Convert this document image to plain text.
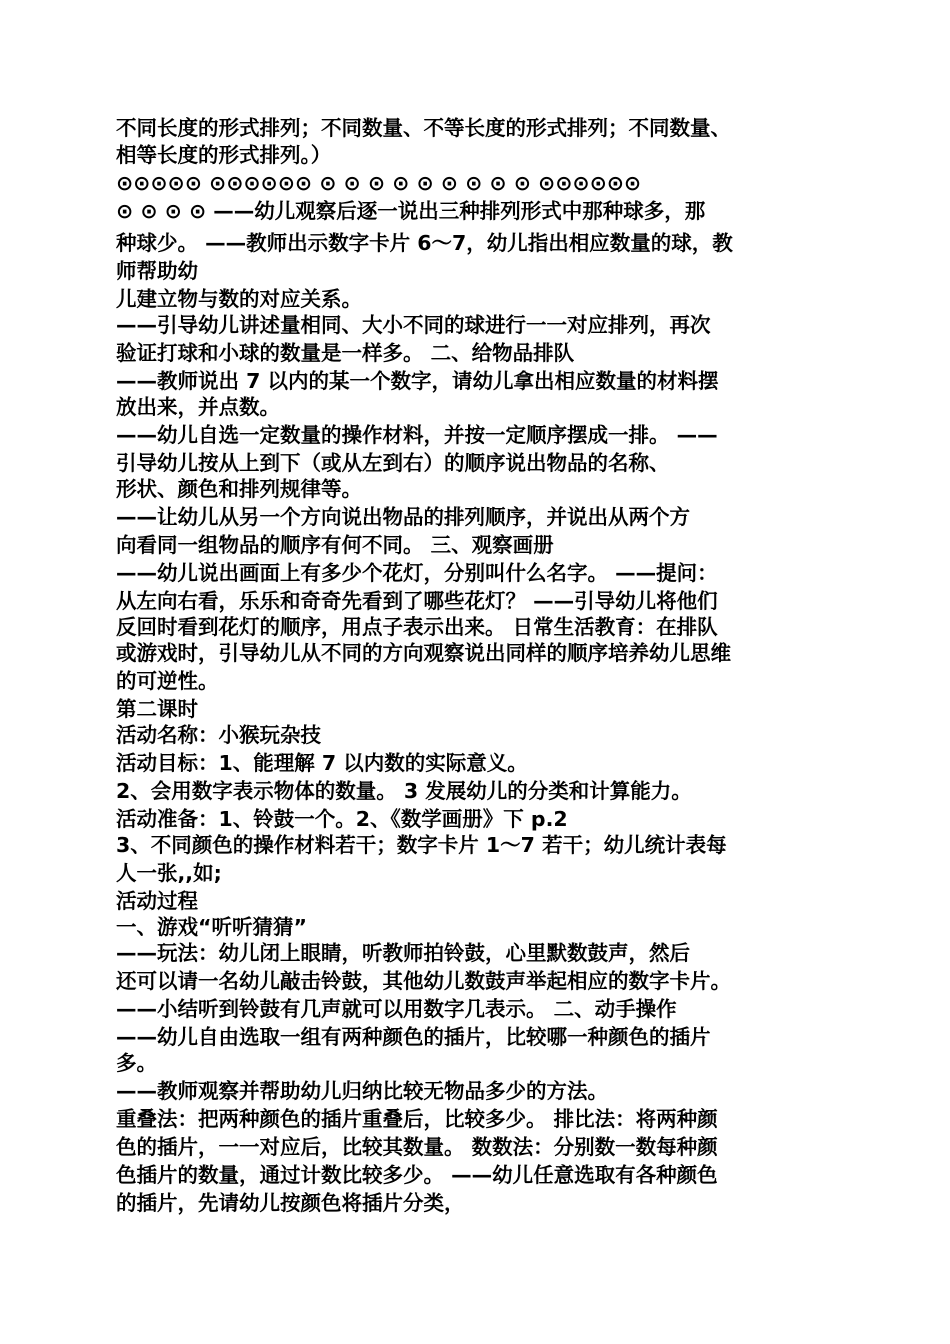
不同长度的形式排列；不同数量、不等长度的形式排列；不同数量、
相等长度的形式排列。）
⊙⊙⊙⊙⊙ ⊙⊙⊙⊙⊙⊙ ⊙ ⊙ ⊙ ⊙ ⊙ ⊙ ⊙ ⊙ ⊙ ⊙⊙⊙⊙⊙⊙
⊙ ⊙ ⊙ ⊙ ——幼儿观察后逐一说出三种排列形式中那种球多，那
种球少。 ——教师出示数字卡片 6～7，幼儿指出相应数量的球，教
师帮助幼
儿建立物与数的对应关系。
——引导幼儿讲述量相同、大小不同的球进行一一对应排列，再次
验证打球和小球的数量是一样多。 二、给物品排队
——教师说出 7 以内的某一个数字，请幼儿拿出相应数量的材料摆
放出来，并点数。
——幼儿自选一定数量的操作材料，并按一定顺序摆成一排。 ——
引导幼儿按从上到下（或从左到右）的顺序说出物品的名称、
形状、颜色和排列规律等。
——让幼儿从另一个方向说出物品的排列顺序，并说出从两个方
向看同一组物品的顺序有何不同。 三、观察画册
——幼儿说出画面上有多少个花灯，分别叫什么名字。 ——提问：
从左向右看，乐乐和奇奇先看到了哪些花灯？ ——引导幼儿将他们
反回时看到花灯的顺序，用点子表示出来。 日常生活教育：在排队
或游戏时，引导幼儿从不同的方向观察说出同样的顺序培养幼儿思维
的可逆性。
第二课时
活动名称：小猴玩杂技
活动目标：1、能理解 7 以内数的实际意义。
2、会用数字表示物体的数量。 3 发展幼儿的分类和计算能力。
活动准备：1、铃鼓一个。2、《数学画册》下 p.2
3、不同颜色的操作材料若干；数字卡片 1～7 若干；幼儿统计表每
人一张,,如;
活动过程
一、游戏“听听猜猜”
——玩法：幼儿闭上眼睛，听教师拍铃鼓，心里默数鼓声，然后
还可以请一名幼儿敲击铃鼓，其他幼儿数鼓声举起相应的数字卡片。
——小结听到铃鼓有几声就可以用数字几表示。 二、动手操作
——幼儿自由选取一组有两种颜色的插片，比较哪一种颜色的插片
多。
——教师观察并帮助幼儿归纳比较无物品多少的方法。
重叠法：把两种颜色的插片重叠后，比较多少。 排比法：将两种颜
色的插片，一一对应后，比较其数量。 数数法：分别数一数每种颜
色插片的数量，通过计数比较多少。 ——幼儿任意选取有各种颜色
的插片，先请幼儿按颜色将插片分类，
